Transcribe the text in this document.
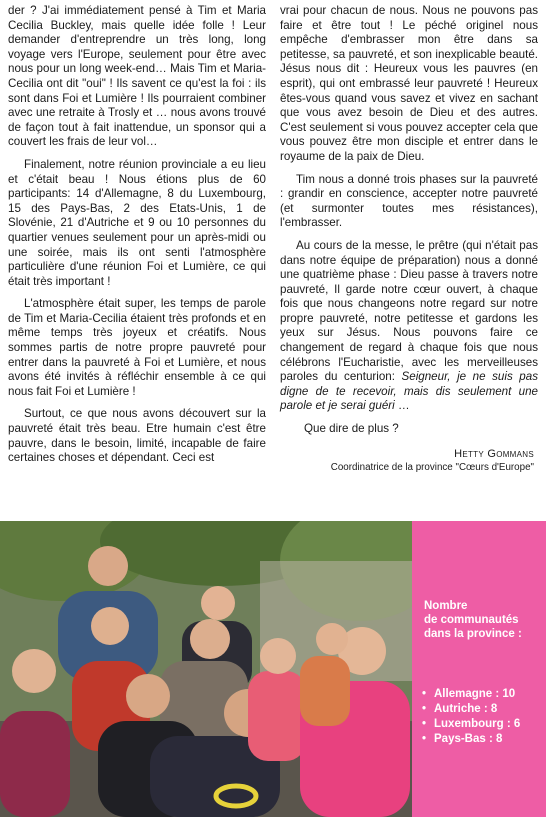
der ? J'ai immédiatement pensé à Tim et Maria Cecilia Buckley, mais quelle idée folle ! Leur demander d'entreprendre un très long, long voyage vers l'Europe, seulement pour être avec nous pour un long week-end… Mais Tim et Maria-Cecilia ont dit "oui" ! Ils savent ce qu'est la foi : ils sont dans Foi et Lumière ! Ils pourraient combiner avec une retraite à Trosly et … nous avons trouvé de façon tout à fait inattendue, un sponsor qui a couvert les frais de leur vol…

Finalement, notre réunion provinciale a eu lieu et c'était beau ! Nous étions plus de 60 participants: 14 d'Allemagne, 8 du Luxembourg, 15 des Pays-Bas, 2 des Etats-Unis, 1 de Slovénie, 21 d'Autriche et 9 ou 10 personnes du quartier venues seulement pour un après-midi ou une soirée, mais ils ont senti l'atmosphère particulière d'une réunion Foi et Lumière, ce qui était très important !

L'atmosphère était super, les temps de parole de Tim et Maria-Cecilia étaient très profonds et en même temps très joyeux et créatifs. Nous sommes partis de notre propre pauvreté pour entrer dans la pauvreté à Foi et Lumière, et nous avons été invités à réfléchir ensemble à ce qui nous fait Foi et Lumière !

Surtout, ce que nous avons découvert sur la pauvreté était très beau. Etre humain c'est être pauvre, dans le besoin, limité, incapable de faire certaines choses et dépendant. Ceci est

vrai pour chacun de nous. Nous ne pouvons pas faire et être tout ! Le péché originel nous empêche d'embrasser mon être dans sa petitesse, sa pauvreté, et son inexplicable beauté. Jésus nous dit : Heureux vous les pauvres (en esprit), qui ont embrassé leur pauvreté ! Heureux êtes-vous quand vous savez et vivez en sachant que vous avez besoin de Dieu et des autres. C'est seulement si vous pouvez accepter cela que vous pouvez être mon disciple et entrer dans le royaume de la paix de Dieu.

Tim nous a donné trois phases sur la pauvreté : grandir en conscience, accepter notre pauvreté (et surmonter toutes mes résistances), l'embrasser.

Au cours de la messe, le prêtre (qui n'était pas dans notre équipe de préparation) nous a donné une quatrième phase : Dieu passe à travers notre pauvreté, Il garde notre cœur ouvert, à chaque fois que nous changeons notre regard sur notre propre pauvreté, notre petitesse et gardons les yeux sur Jésus. Nous pouvons faire ce changement de regard à chaque fois que nous célébrons l'Eucharistie, avec les merveilleuses paroles du centurion: Seigneur, je ne suis pas digne de te recevoir, mais dis seulement une parole et je serai guéri …

Que dire de plus ?

Hetty Gommans
Coordinatrice de la province "Cœurs d'Europe"
Nombre
de communautés
dans la province :
• Allemagne : 10
• Autriche : 8
• Luxembourg : 6
• Pays-Bas : 8
